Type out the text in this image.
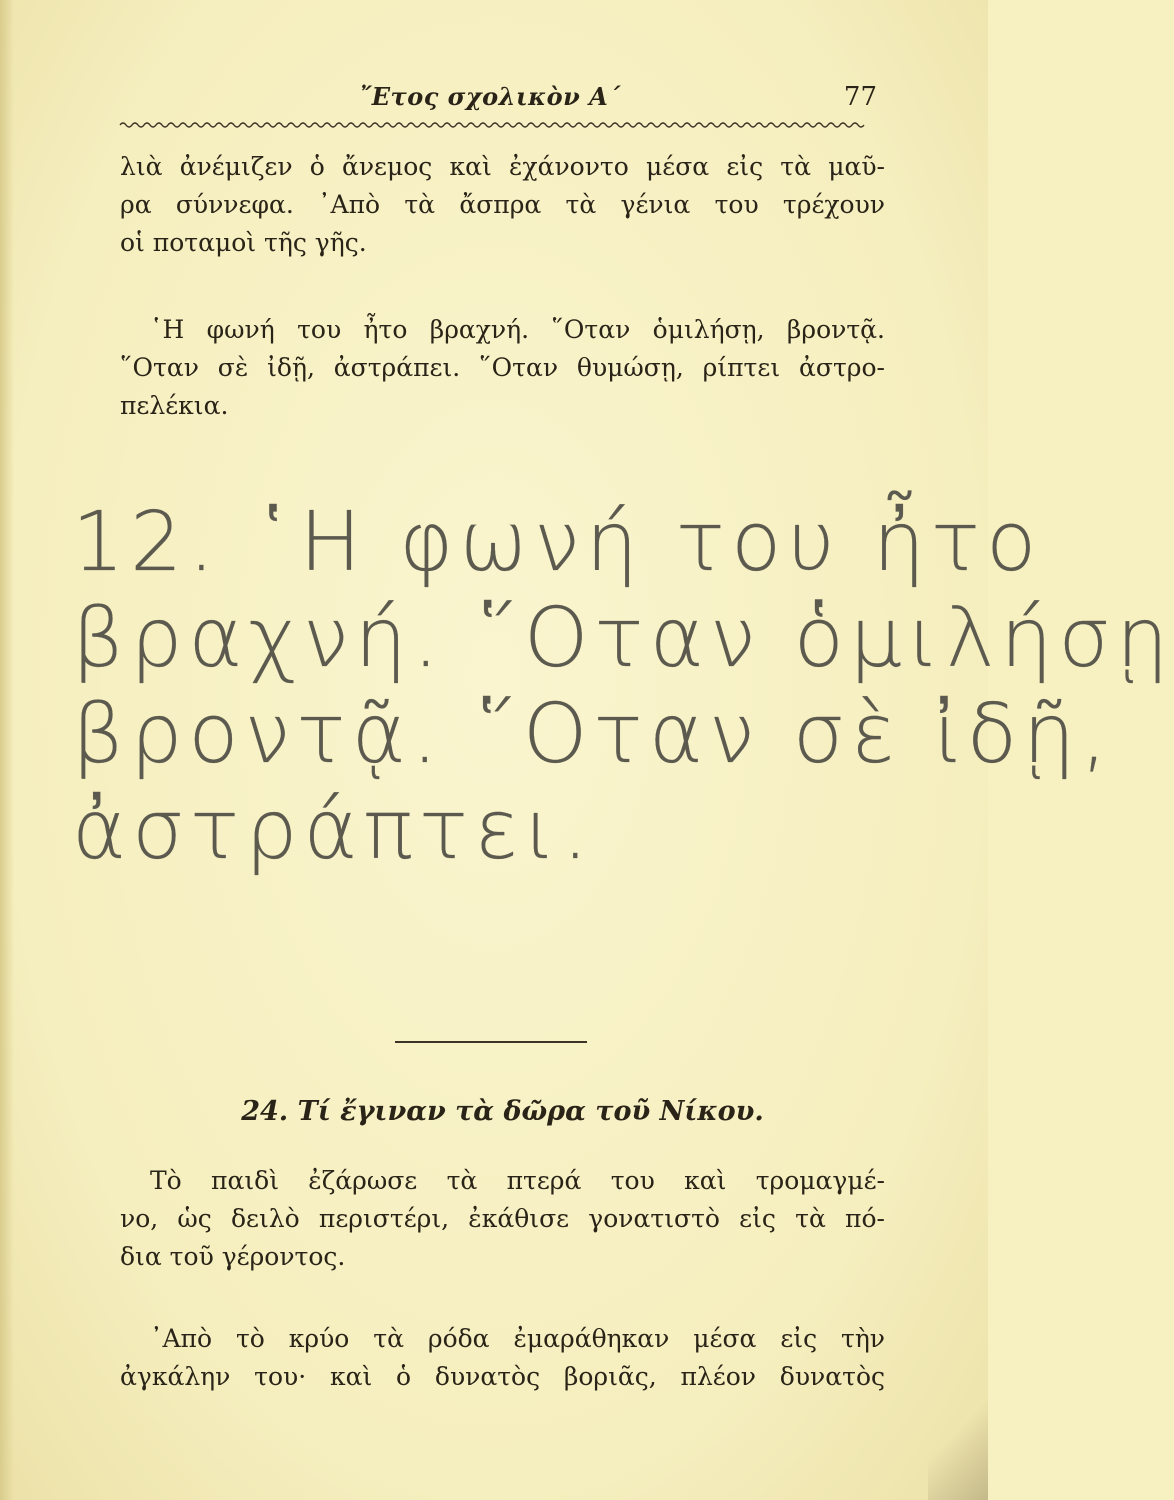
῎Ετος σχολικὸν Α΄	77
λιὰ ἀνέμιζεν ὁ ἄνεμος καὶ ἐχάνοντο μέσα εἰς τὰ μαῦ-
ρα σύννεφα. ᾿Απὸ τὰ ἄσπρα τὰ γένια του τρέχουν
οἱ ποταμοὶ τῆς γῆς.
῾Η φωνή του ἦτο βραχνή. ῞Οταν ὁμιλήσῃ, βροντᾷ.
῞Οταν σὲ ἰδῇ, ἀστράπει. ῞Οταν θυμώσῃ, ρίπτει ἀστρο-
πελέκια.
12. ῾Η φωνή του ἦτο
βραχνή. ῞Οταν ὁμιλήσῃ
βροντᾷ. ῞Οταν σὲ ἰδῇ,
ἀστράπτει.
24. Τί ἔγιναν τὰ δῶρα τοῦ Νίκου.
Τὸ παιδὶ ἐζάρωσε τὰ πτερά του καὶ τρομαγμέ-
νο, ὡς δειλὸ περιστέρι, ἐκάθισε γονατιστὸ εἰς τὰ πό-
δια τοῦ γέροντος.
᾿Απὸ τὸ κρύο τὰ ρόδα ἐμαράθηκαν μέσα εἰς τὴν
ἀγκάλην του· καὶ ὁ δυνατὸς βοριᾶς, πλέον δυνατὸς
